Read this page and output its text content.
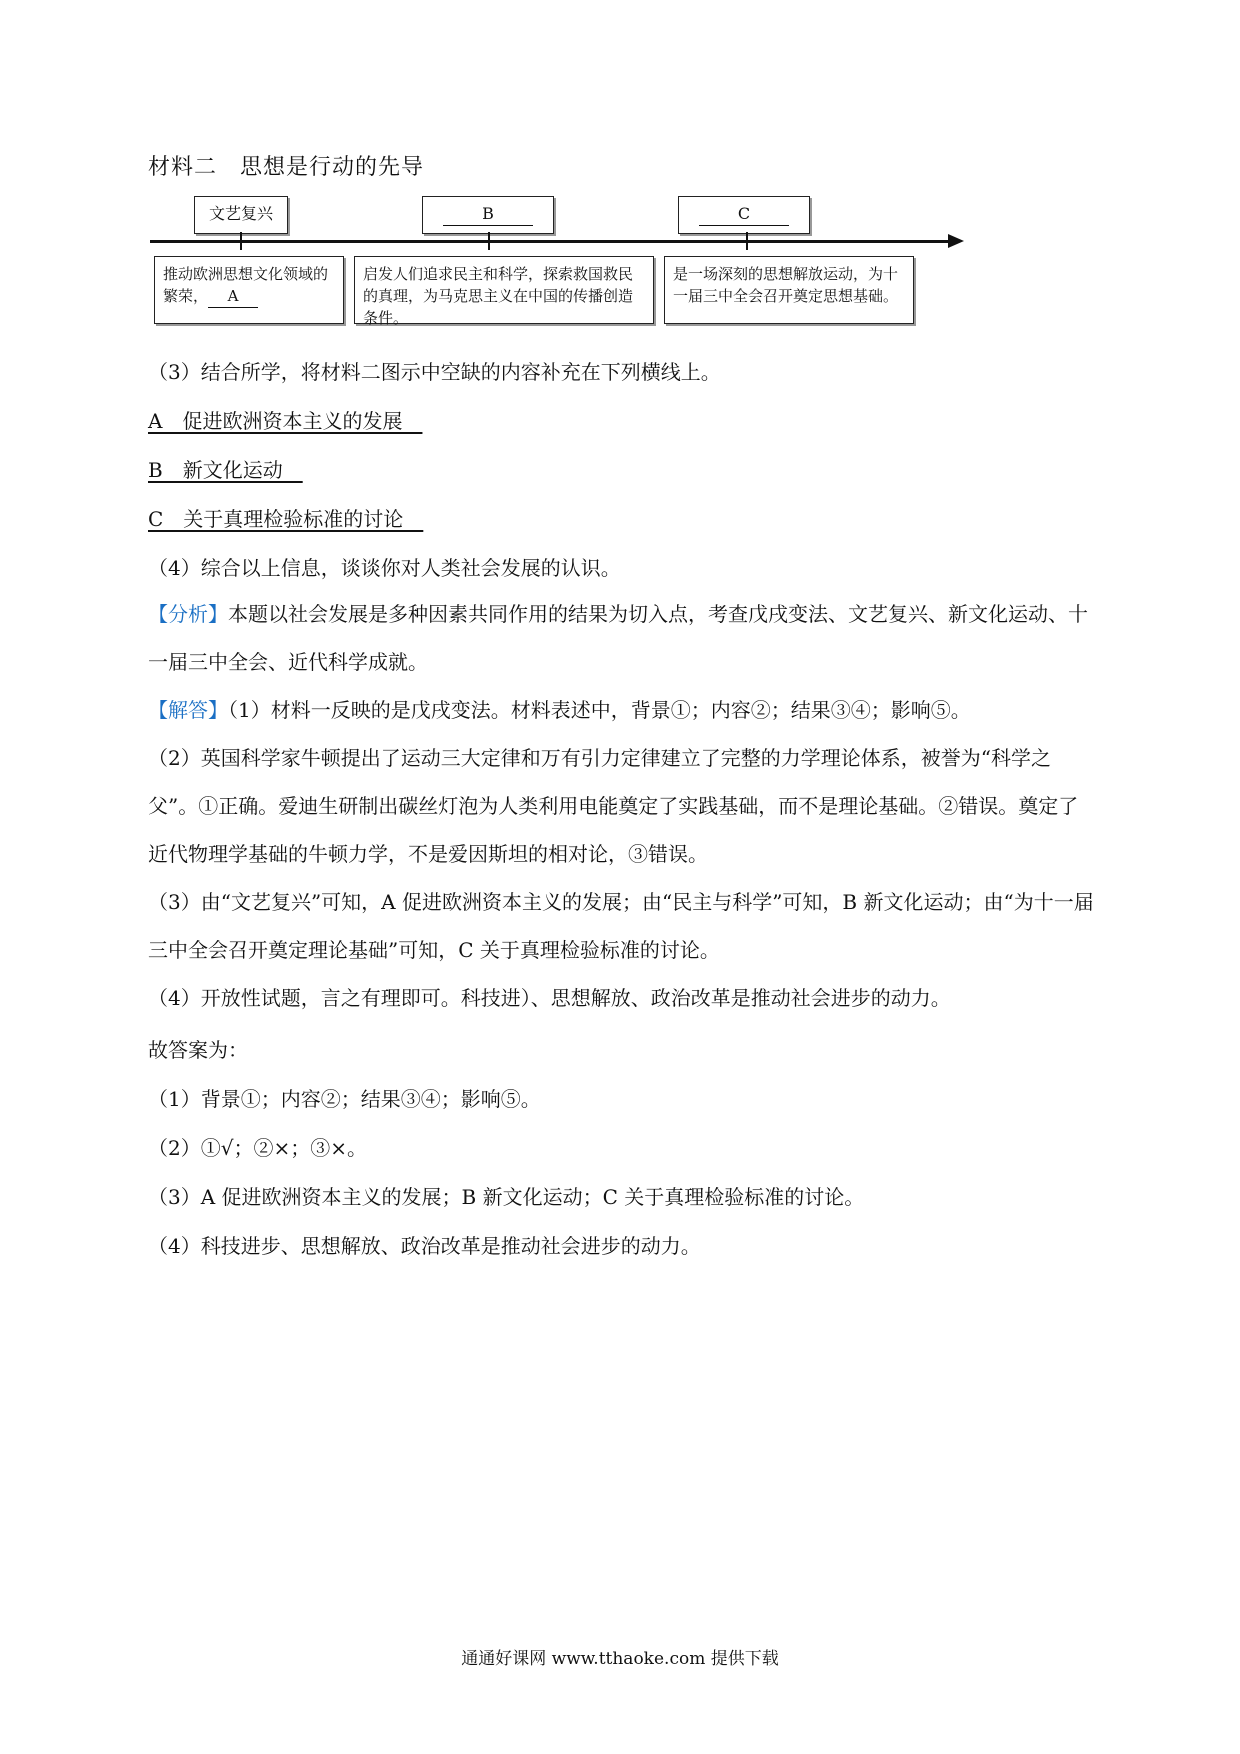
材料二　思想是行动的先导
文艺复兴	B	C
推动欧洲思想文化领域的繁荣， A
启发人们追求民主和科学，探索救国救民的真理，为马克思主义在中国的传播创造条件。
是一场深刻的思想解放运动，为十一届三中全会召开奠定思想基础。
（3）结合所学，将材料二图示中空缺的内容补充在下列横线上。
A　促进欧洲资本主义的发展　
B　新文化运动　
C　关于真理检验标准的讨论　
（4）综合以上信息，谈谈你对人类社会发展的认识。
【分析】本题以社会发展是多种因素共同作用的结果为切入点，考查戊戌变法、文艺复兴、新文化运动、十一届三中全会、近代科学成就。
【解答】（1）材料一反映的是戊戌变法。材料表述中，背景①；内容②；结果③④；影响⑤。
（2）英国科学家牛顿提出了运动三大定律和万有引力定律建立了完整的力学理论体系，被誉为“科学之父”。①正确。爱迪生研制出碳丝灯泡为人类利用电能奠定了实践基础，而不是理论基础。②错误。奠定了近代物理学基础的牛顿力学，不是爱因斯坦的相对论，③错误。
（3）由“文艺复兴”可知，A 促进欧洲资本主义的发展；由“民主与科学”可知，B 新文化运动；由“为十一届三中全会召开奠定理论基础”可知，C 关于真理检验标准的讨论。
（4）开放性试题，言之有理即可。科技进）、思想解放、政治改革是推动社会进步的动力。
故答案为：
（1）背景①；内容②；结果③④；影响⑤。
（2）①√；②×；③×。
（3）A 促进欧洲资本主义的发展；B 新文化运动；C 关于真理检验标准的讨论。
（4）科技进步、思想解放、政治改革是推动社会进步的动力。
通通好课网 www.tthaoke.com 提供下载
